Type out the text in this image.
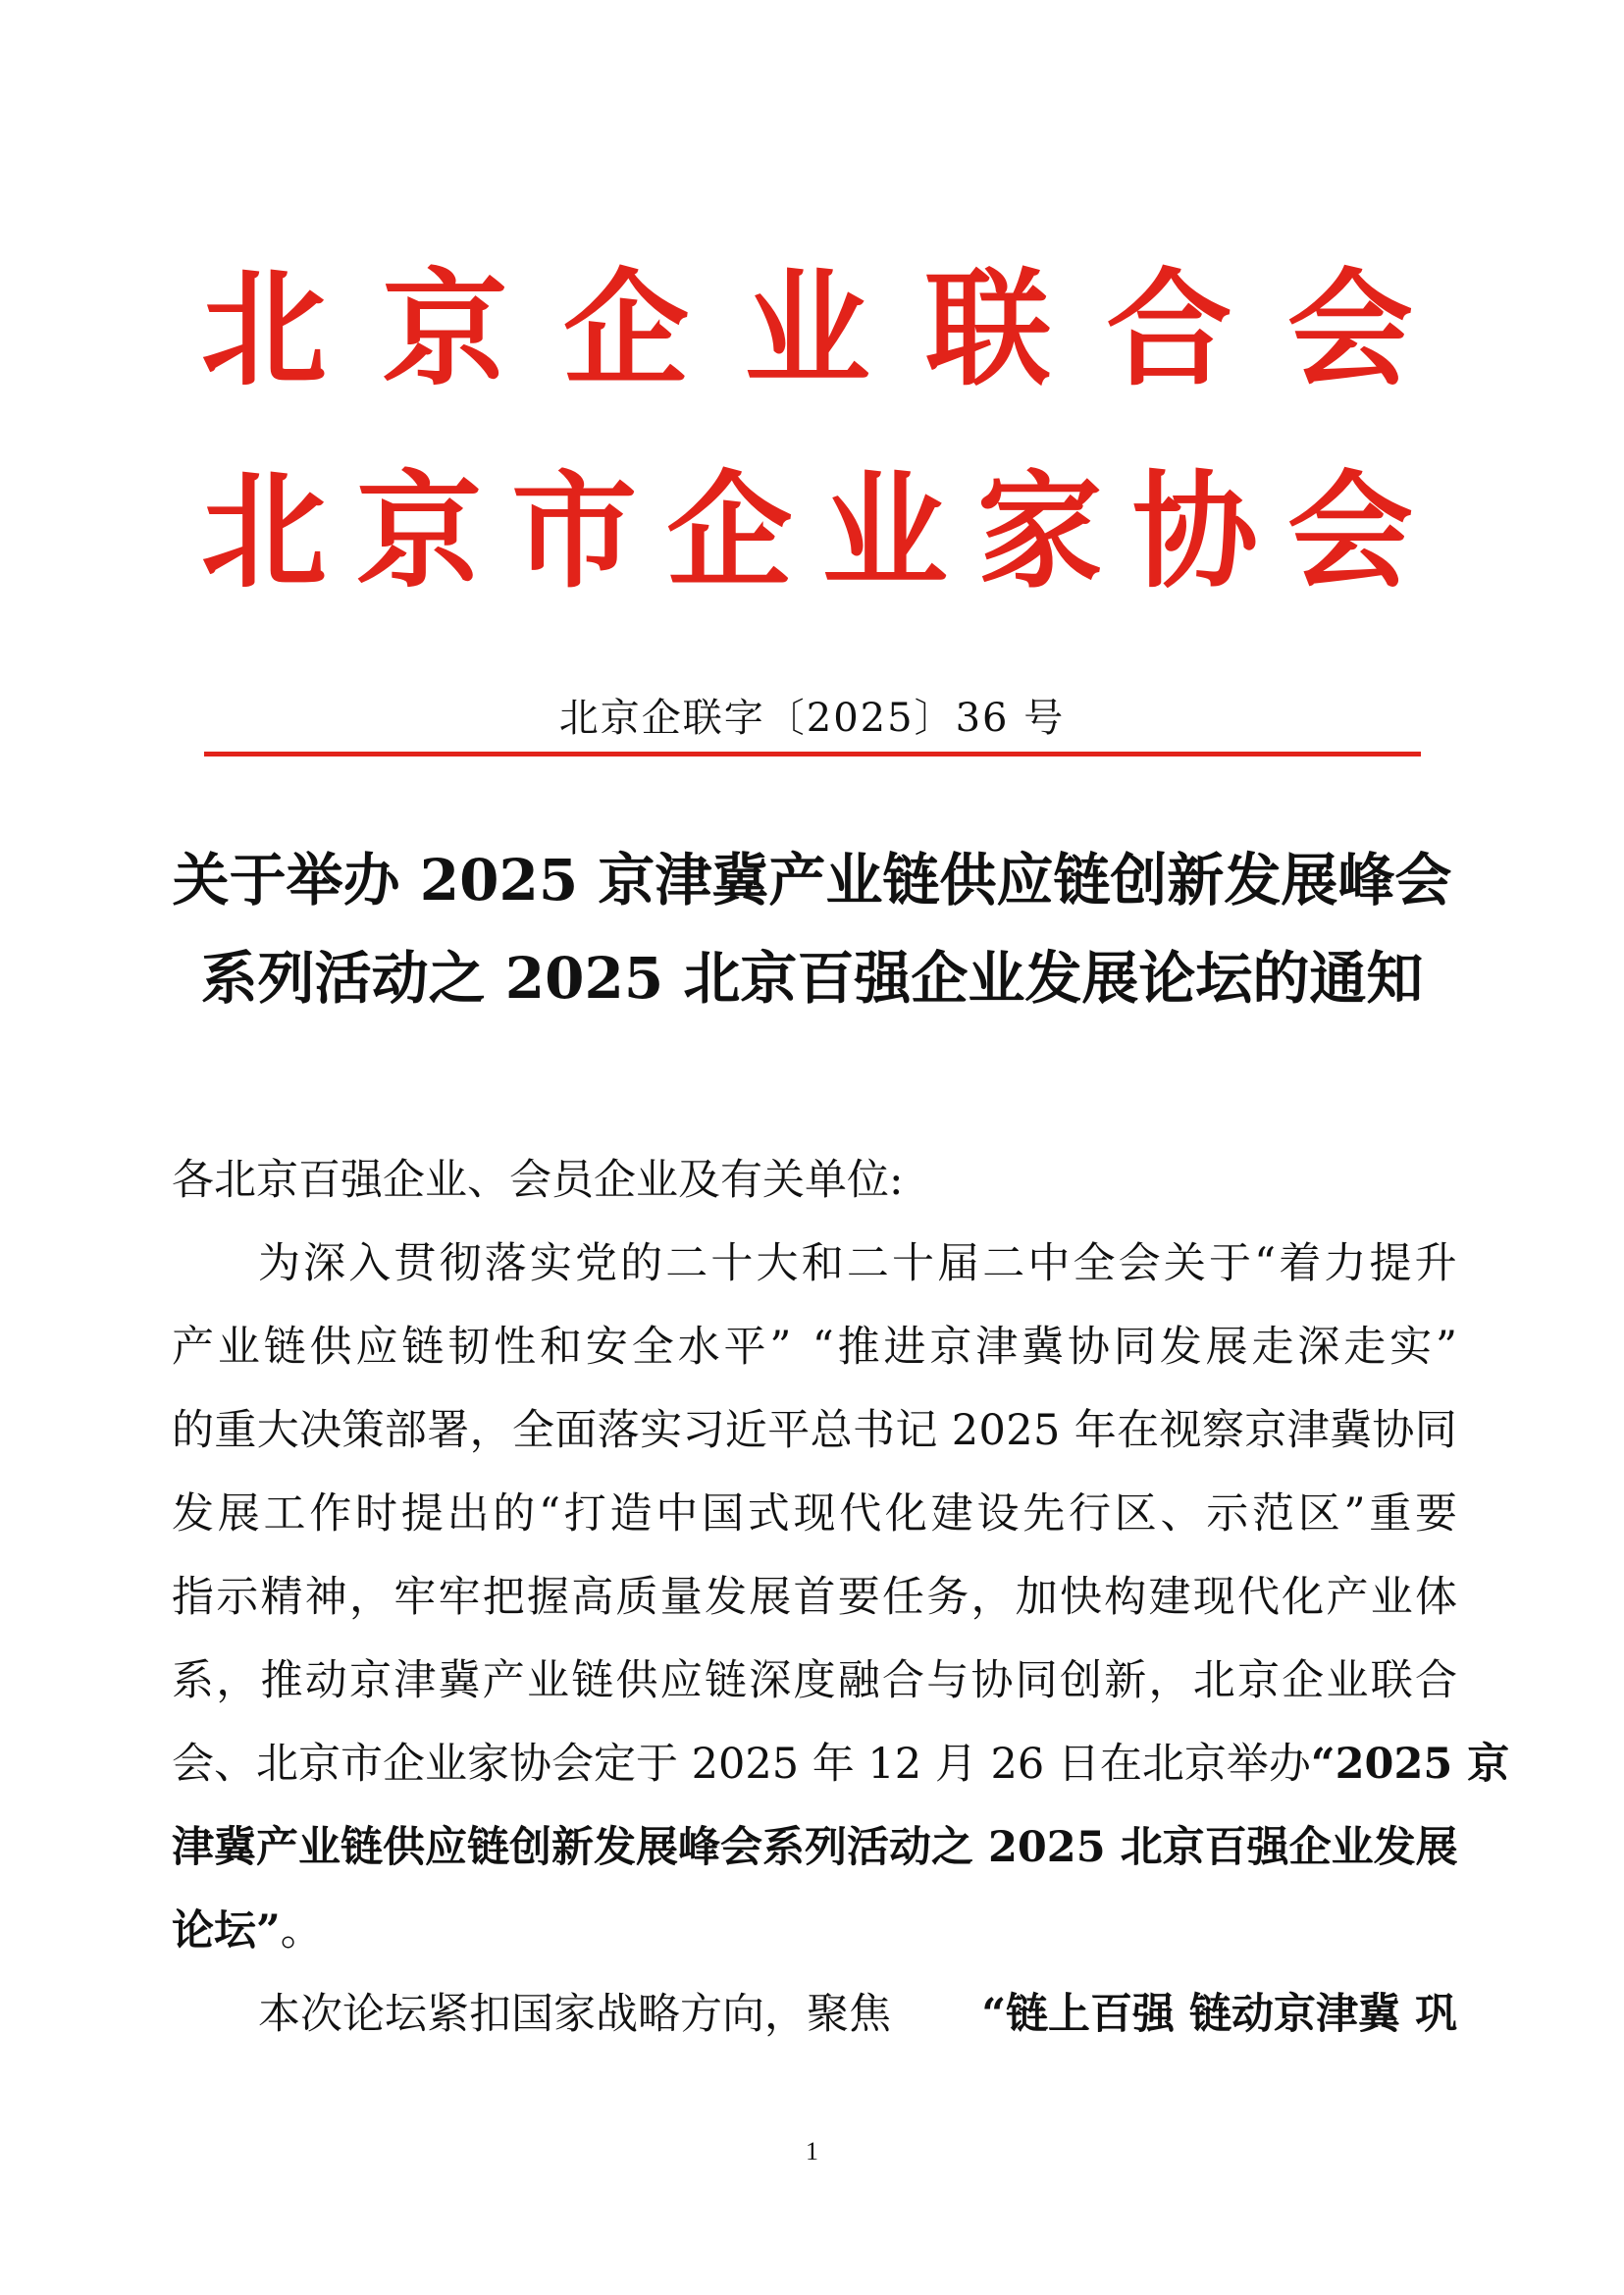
北 京 企 业 联 合 会
北 京 市 企 业 家 协 会
北京企联字〔2025〕36 号
关于举办 2025 京津冀产业链供应链创新发展峰会
系列活动之 2025 北京百强企业发展论坛的通知
各北京百强企业、会员企业及有关单位:
为 深 入 贯 彻 落 实 党 的 二 十 大 和 二 十 届 二 中 全 会 关 于 “ 着 力 提 升
产 业 链 供 应 链 韧 性 和 安 全 水 平 ”
“ 推 进 京 津 冀 协 同 发 展 走 深 走 实 ”
的 重 大 决 策 部 署 ， 全 面 落 实 习 近 平 总 书 记
2 0 2 5
年 在 视 察 京 津 冀 协 同
发 展 工 作 时 提 出 的 “ 打 造 中 国 式 现 代 化 建 设 先 行 区 、 示 范 区 ” 重 要
指 示 精 神 ， 牢 牢 把 握 高 质 量 发 展 首 要 任 务 ， 加 快 构 建 现 代 化 产 业 体
系 ， 推 动 京 津 冀 产 业 链 供 应 链 深 度 融 合 与 协 同 创 新 ， 北 京 企 业 联 合
会、北京市企业家协会定于 2025 年 12 月 26 日在北京举办 “2025 京
津冀产业链供应链创新发展峰会系列活动之 2025 北京百强企业发展
论坛”。
本次论坛紧扣国家战略方向，聚焦 “链上百强 链动京津冀 巩
1
